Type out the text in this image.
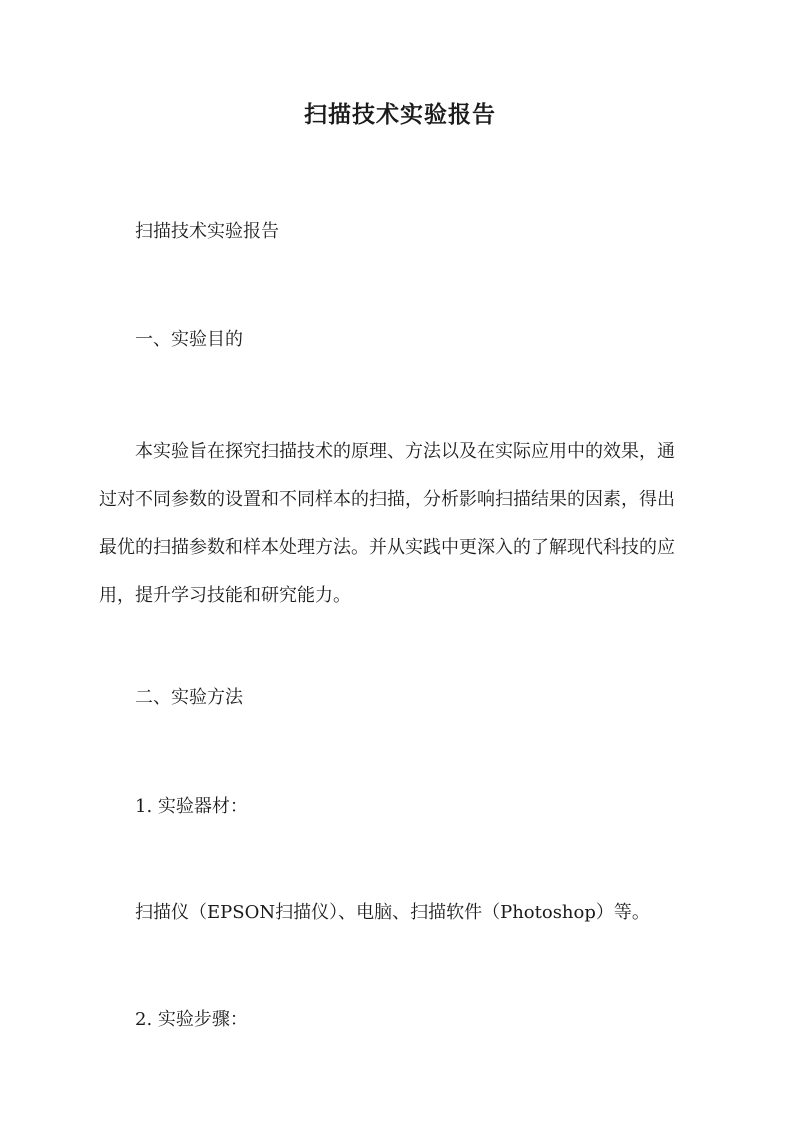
扫描技术实验报告

扫描技术实验报告

一、实验目的

本实验旨在探究扫描技术的原理、方法以及在实际应用中的效果，通
过对不同参数的设置和不同样本的扫描，分析影响扫描结果的因素，得出
最优的扫描参数和样本处理方法。并从实践中更深入的了解现代科技的应
用，提升学习技能和研究能力。

二、实验方法

1. 实验器材：

扫描仪（EPSON扫描仪）、电脑、扫描软件（Photoshop）等。

2. 实验步骤：
